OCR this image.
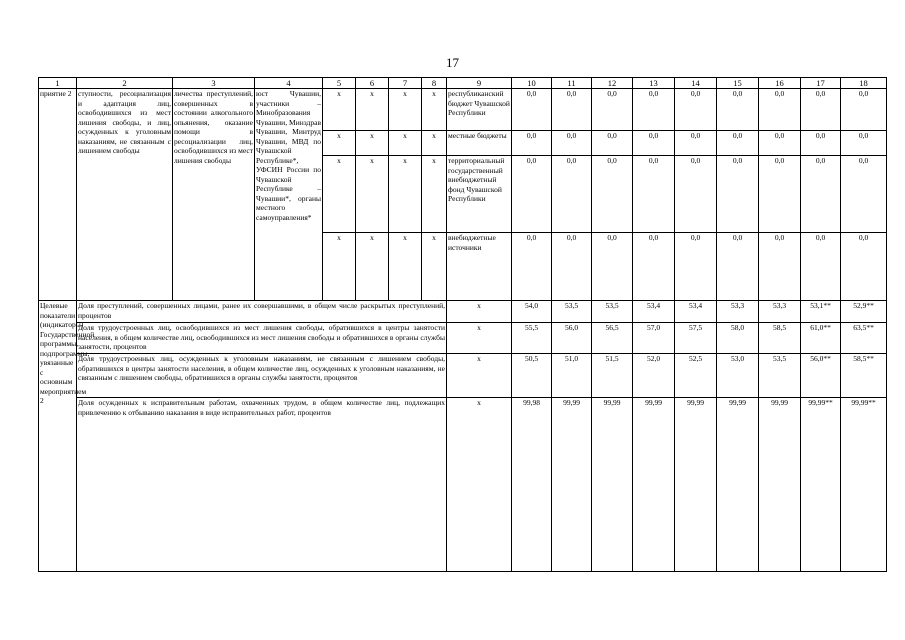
17
1	2	3	4	5	6	7	8	9	10	11	12	13	14	15	16	17	18
приятие 2	ступности, ресоциализация и адаптация лиц, освободившихся из мест лишения свободы, и лиц, осужденных к уголовным наказаниям, не связанным с лишением свободы	личества преступлений, совершенных в состоянии алкогольного опьянения, оказание помощи в ресоциализации лиц, освободившихся из мест лишения свободы	юст Чувашии, участники – Минобразования Чувашии, Минздрав Чувашии, Минтруд Чувашии, МВД по Чувашской Республике*, УФСИН России по Чувашской Республике – Чувашии*, органы местного самоуправления*	x	x	x	x	республиканский бюджет Чувашской Республики	0,0	0,0	0,0	0,0	0,0	0,0	0,0	0,0	0,0
				x	x	x	x	местные бюджеты	0,0	0,0	0,0	0,0	0,0	0,0	0,0	0,0	0,0
				x	x	x	x	территориальный государственный внебюджетный фонд Чувашской Республики	0,0	0,0	0,0	0,0	0,0	0,0	0,0	0,0	0,0
				x	x	x	x	внебюджетные источники	0,0	0,0	0,0	0,0	0,0	0,0	0,0	0,0	0,0
Целевые показатели (индикаторы) Государственной программы, подпрограммы, увязанные с основным мероприятием 2	Доля преступлений, совершенных лицами, ранее их совершавшими, в общем числе раскрытых преступлений, процентов							x	54,0	53,5	53,5	53,4	53,4	53,3	53,3	53,1**	52,9**
	Доля трудоустроенных лиц, освободившихся из мест лишения свободы, обратившихся в центры занятости населения, в общем количестве лиц, освободившихся из мест лишения свободы и обратившихся в органы службы занятости, процентов							x	55,5	56,0	56,5	57,0	57,5	58,0	58,5	61,0**	63,5**
	Доля трудоустроенных лиц, осужденных к уголовным наказаниям, не связанным с лишением свободы, обратившихся в центры занятости населения, в общем количестве лиц, осужденных к уголовным наказаниям, не связанным с лишением свободы, обратившихся в органы службы занятости, процентов							x	50,5	51,0	51,5	52,0	52,5	53,0	53,5	56,0**	58,5**
	Доля осужденных к исправительным работам, охваченных трудом, в общем количестве лиц, подлежащих привлечению к отбыванию наказания в виде исправительных работ, процентов							x	99,98	99,99	99,99	99,99	99,99	99,99	99,99	99,99**	99,99**
